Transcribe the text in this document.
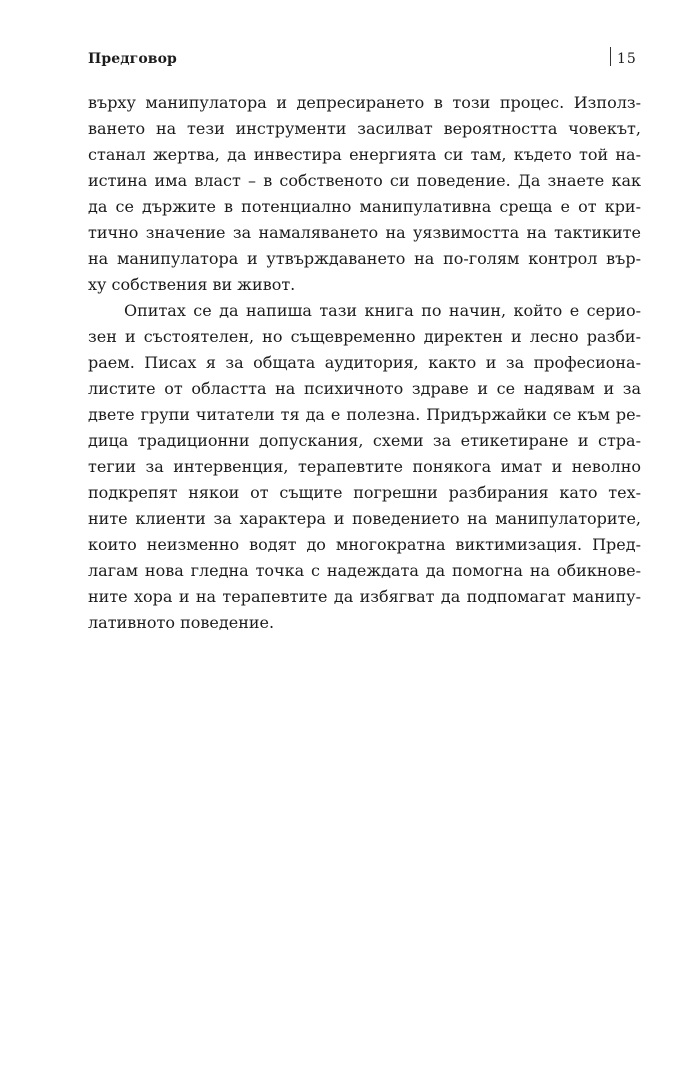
Предговор	15
върху манипулатора и депресирането в този процес. Използ-
ването на тези инструменти засилват вероятността човекът,
станал жертва, да инвестира енергията си там, където той на-
истина има власт – в собственото си поведение. Да знаете как
да се държите в потенциално манипулативна среща е от кри-
тично значение за намаляването на уязвимостта на тактиките
на манипулатора и утвърждаването на по-голям контрол вър-
ху собствения ви живот.
Опитах се да напиша тази книга по начин, който е серио-
зен и състоятелен, но същевременно директен и лесно разби-
раем. Писах я за общата аудитория, както и за професиона-
листите от областта на психичното здраве и се надявам и за
двете групи читатели тя да е полезна. Придържайки се към ре-
дица традиционни допускания, схеми за етикетиране и стра-
тегии за интервенция, терапевтите понякога имат и неволно
подкрепят някои от същите погрешни разбирания като тех-
ните клиенти за характера и поведението на манипулаторите,
които неизменно водят до многократна виктимизация. Пред-
лагам нова гледна точка с надеждата да помогна на обикнове-
ните хора и на терапевтите да избягват да подпомагат манипу-
лативното поведение.
